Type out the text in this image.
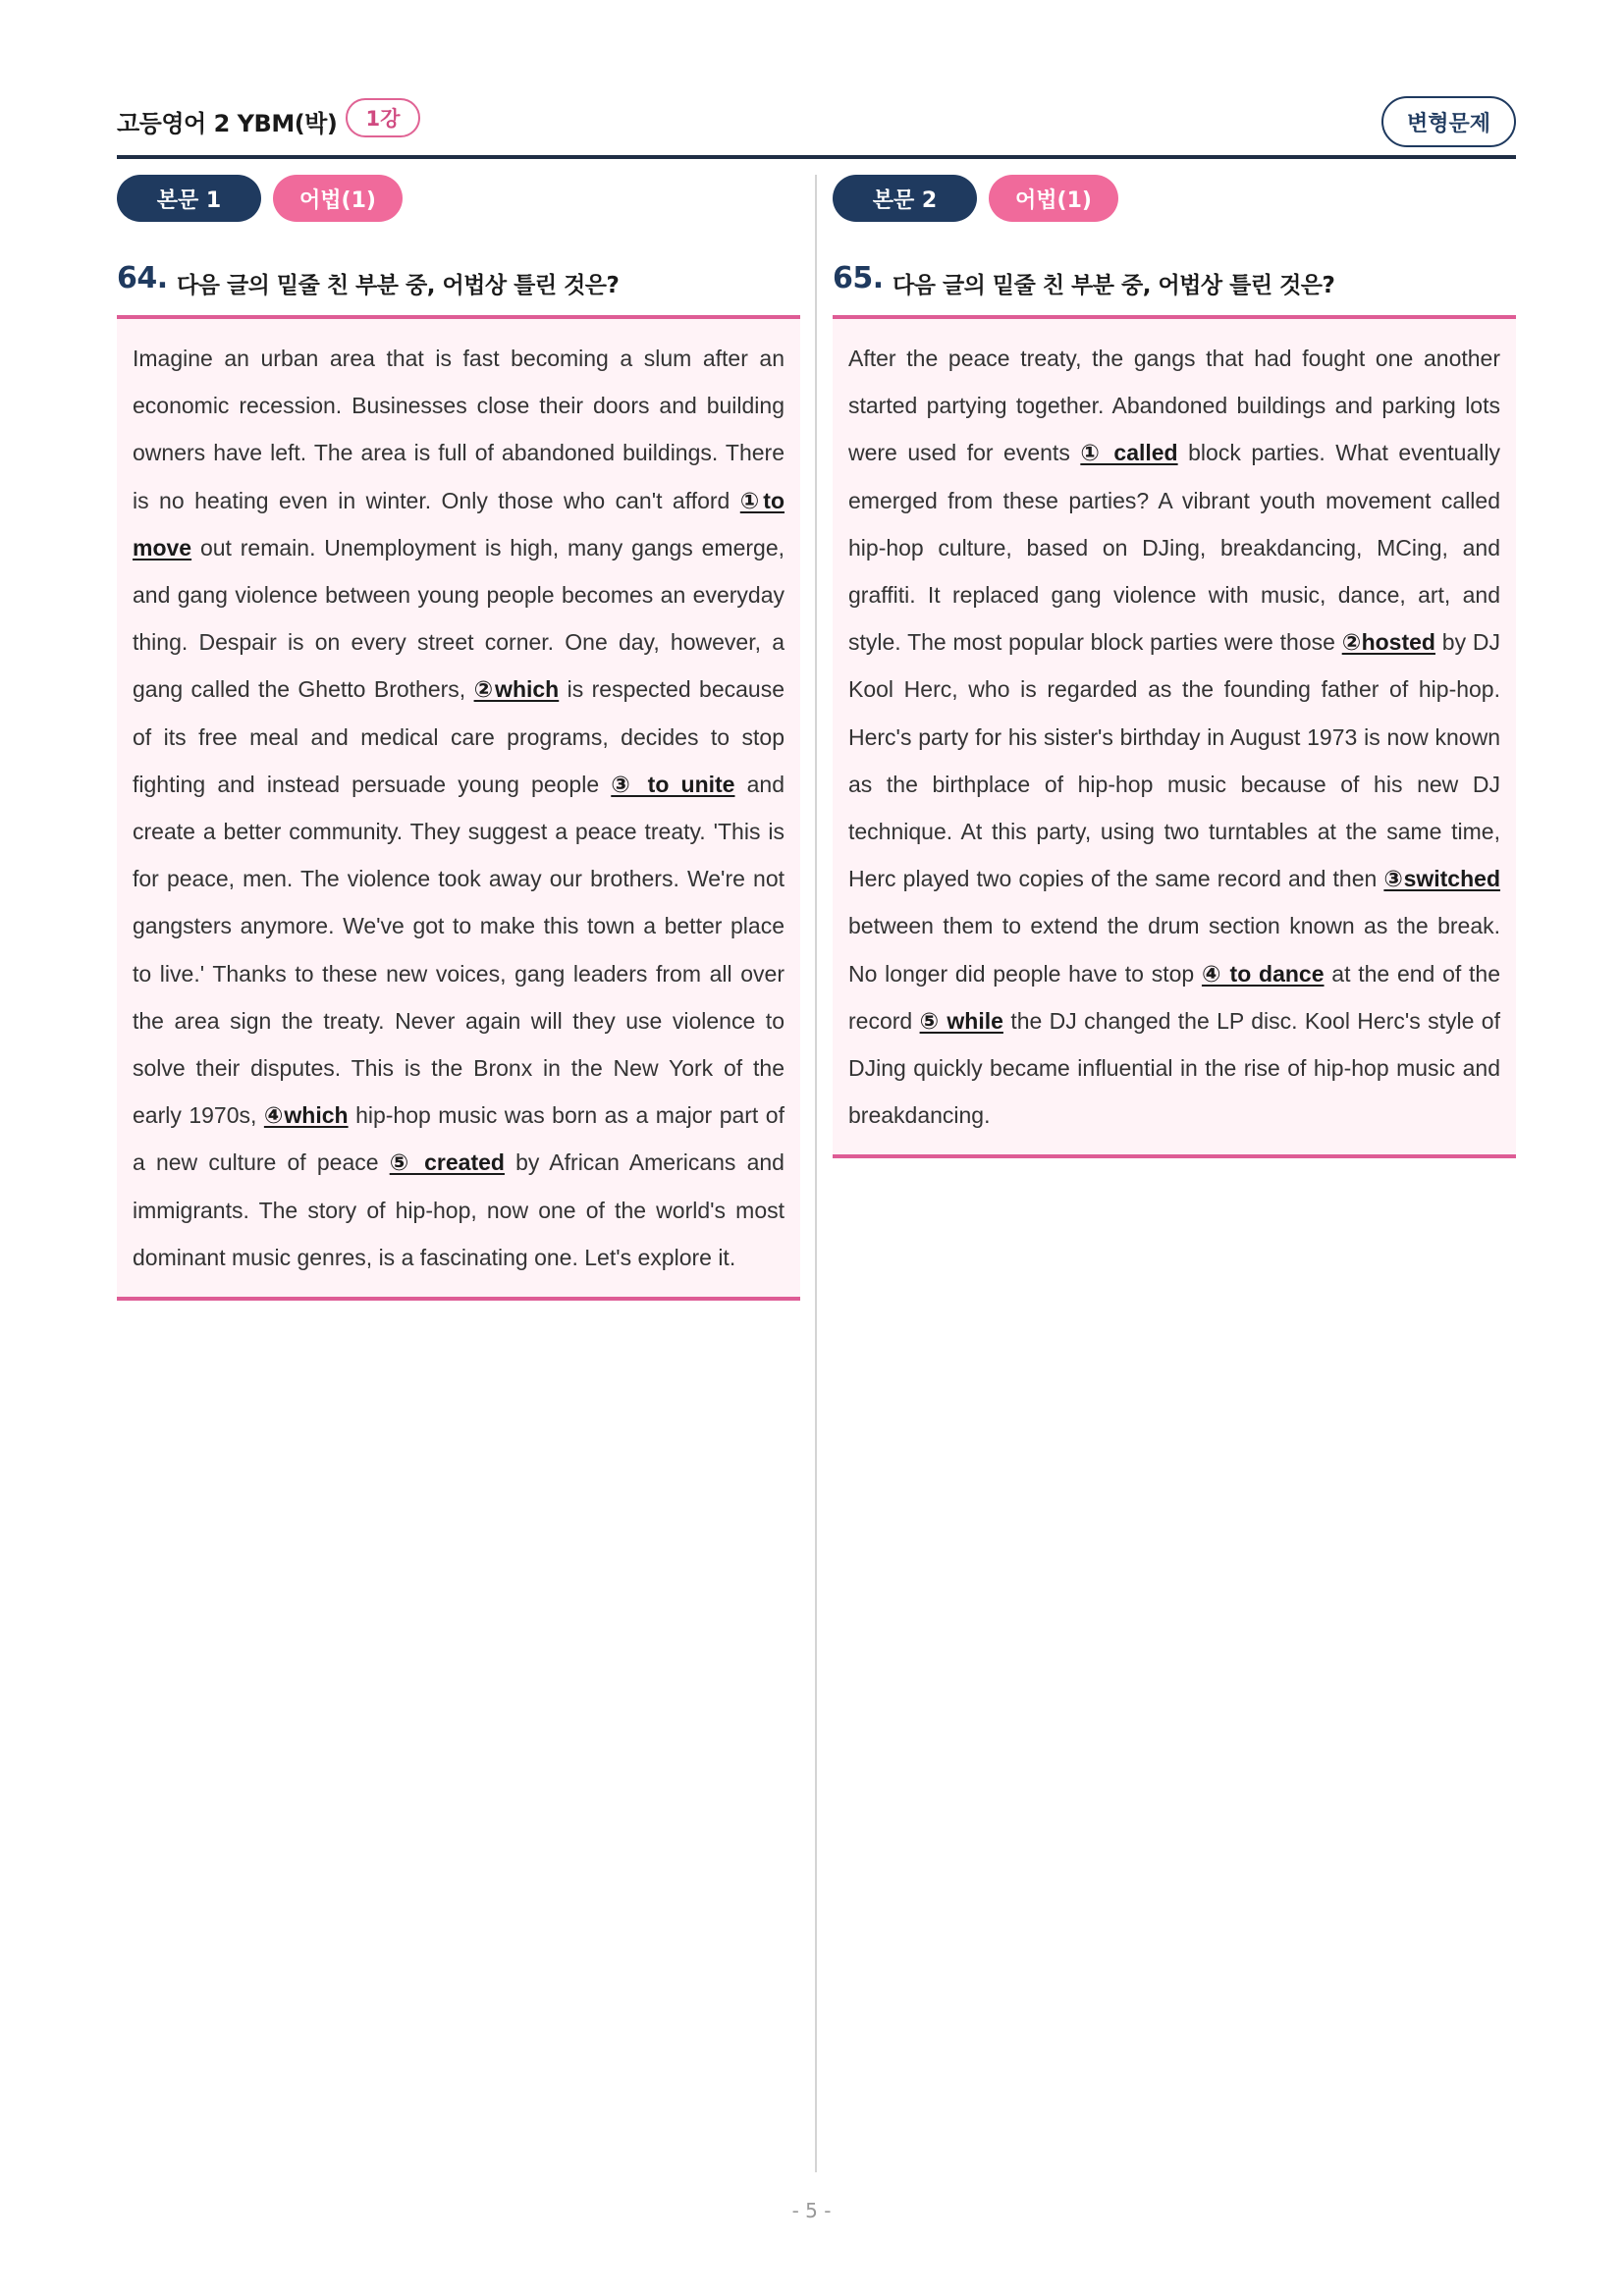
고등영어 2 YBM(박)	1강	변형문제
본문 1	어법(1)
64. 다음 글의 밑줄 친 부분 중, 어법상 틀린 것은?
Imagine an urban area that is fast becoming a slum after an economic recession. Businesses close their doors and building owners have left. The area is full of abandoned buildings. There is no heating even in winter. Only those who can't afford ①to move out remain. Unemployment is high, many gangs emerge, and gang violence between young people becomes an everyday thing. Despair is on every street corner. One day, however, a gang called the Ghetto Brothers, ②which is respected because of its free meal and medical care programs, decides to stop fighting and instead persuade young people ③ to unite and create a better community. They suggest a peace treaty. 'This is for peace, men. The violence took away our brothers. We're not gangsters anymore. We've got to make this town a better place to live.' Thanks to these new voices, gang leaders from all over the area sign the treaty. Never again will they use violence to solve their disputes. This is the Bronx in the New York of the early 1970s, ④which hip-hop music was born as a major part of a new culture of peace ⑤ created by African Americans and immigrants. The story of hip-hop, now one of the world's most dominant music genres, is a fascinating one. Let's explore it.
본문 2	어법(1)
65. 다음 글의 밑줄 친 부분 중, 어법상 틀린 것은?
After the peace treaty, the gangs that had fought one another started partying together. Abandoned buildings and parking lots were used for events ① called block parties. What eventually emerged from these parties? A vibrant youth movement called hip-hop culture, based on DJing, breakdancing, MCing, and graffiti. It replaced gang violence with music, dance, art, and style. The most popular block parties were those ②hosted by DJ Kool Herc, who is regarded as the founding father of hip-hop. Herc's party for his sister's birthday in August 1973 is now known as the birthplace of hip-hop music because of his new DJ technique. At this party, using two turntables at the same time, Herc played two copies of the same record and then ③switched between them to extend the drum section known as the break. No longer did people have to stop ④ to dance at the end of the record ⑤ while the DJ changed the LP disc. Kool Herc's style of DJing quickly became influential in the rise of hip-hop music and breakdancing.
- 5 -
